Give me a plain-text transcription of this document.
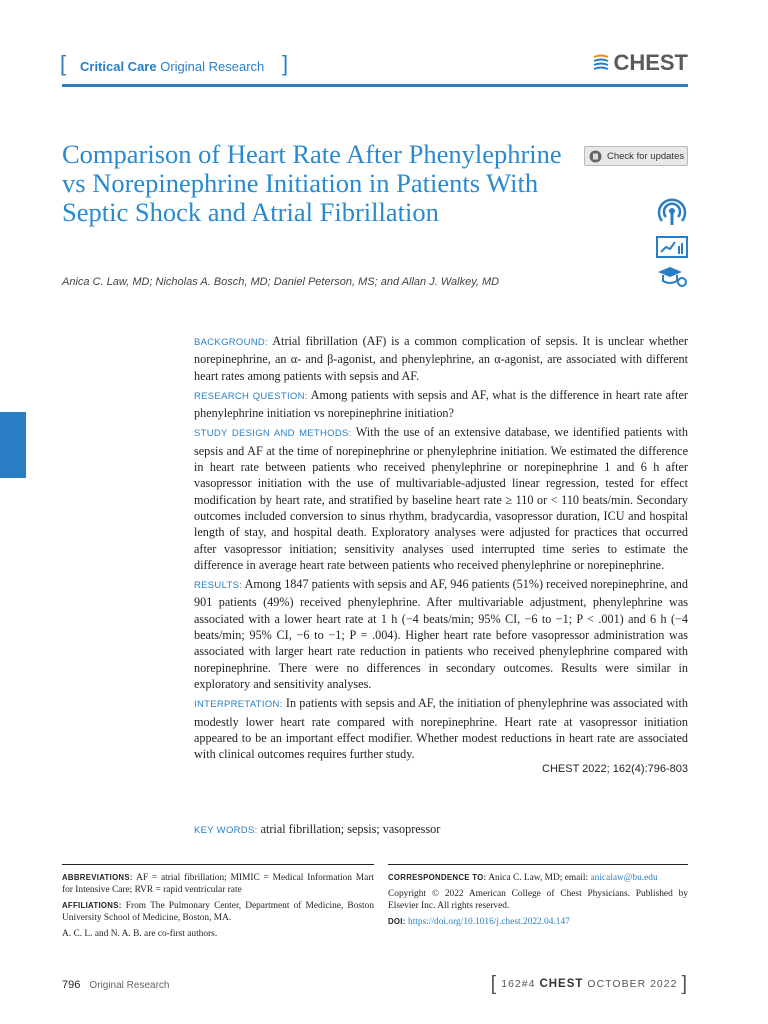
[ Critical Care Original Research ]	CHEST
Check for updates
Comparison of Heart Rate After Phenylephrine vs Norepinephrine Initiation in Patients With Septic Shock and Atrial Fibrillation
Anica C. Law, MD; Nicholas A. Bosch, MD; Daniel Peterson, MS; and Allan J. Walkey, MD

BACKGROUND: Atrial fibrillation (AF) is a common complication of sepsis. It is unclear whether norepinephrine, an α- and β-agonist, and phenylephrine, an α-agonist, are associated with different heart rates among patients with sepsis and AF.

RESEARCH QUESTION: Among patients with sepsis and AF, what is the difference in heart rate after phenylephrine initiation vs norepinephrine initiation?

STUDY DESIGN AND METHODS: With the use of an extensive database, we identified patients with sepsis and AF at the time of norepinephrine or phenylephrine initiation. We estimated the difference in heart rate between patients who received phenylephrine or norepinephrine 1 and 6 h after vasopressor initiation with the use of multivariable-adjusted linear regression, tested for effect modification by heart rate, and stratified by baseline heart rate ≥ 110 or < 110 beats/min. Secondary outcomes included conversion to sinus rhythm, bradycardia, vasopressor duration, ICU and hospital length of stay, and hospital death. Exploratory analyses were adjusted for practices that occurred after vasopressor initiation; sensitivity analyses used interrupted time series to estimate the difference in average heart rate between patients who received phenylephrine or norepinephrine.

RESULTS: Among 1847 patients with sepsis and AF, 946 patients (51%) received norepinephrine, and 901 patients (49%) received phenylephrine. After multivariable adjustment, phenylephrine was associated with a lower heart rate at 1 h (−4 beats/min; 95% CI, −6 to −1; P < .001) and 6 h (−4 beats/min; 95% CI, −6 to −1; P = .004). Higher heart rate before vasopressor administration was associated with larger heart rate reduction in patients who received phenylephrine compared with norepinephrine. There were no differences in secondary outcomes. Results were similar in exploratory and sensitivity analyses.

INTERPRETATION: In patients with sepsis and AF, the initiation of phenylephrine was associated with modestly lower heart rate compared with norepinephrine. Heart rate at vasopressor initiation appeared to be an important effect modifier. Whether modest reductions in heart rate are associated with clinical outcomes requires further study.

CHEST 2022; 162(4):796-803
KEY WORDS: atrial fibrillation; sepsis; vasopressor
ABBREVIATIONS: AF = atrial fibrillation; MIMIC = Medical Information Mart for Intensive Care; RVR = rapid ventricular rate
AFFILIATIONS: From The Pulmonary Center, Department of Medicine, Boston University School of Medicine, Boston, MA.
A. C. L. and N. A. B. are co-first authors.
CORRESPONDENCE TO: Anica C. Law, MD; email: anicalaw@bu.edu
Copyright © 2022 American College of Chest Physicians. Published by Elsevier Inc. All rights reserved.
DOI: https://doi.org/10.1016/j.chest.2022.04.147
796 Original Research	[ 162#4 CHEST OCTOBER 2022 ]
